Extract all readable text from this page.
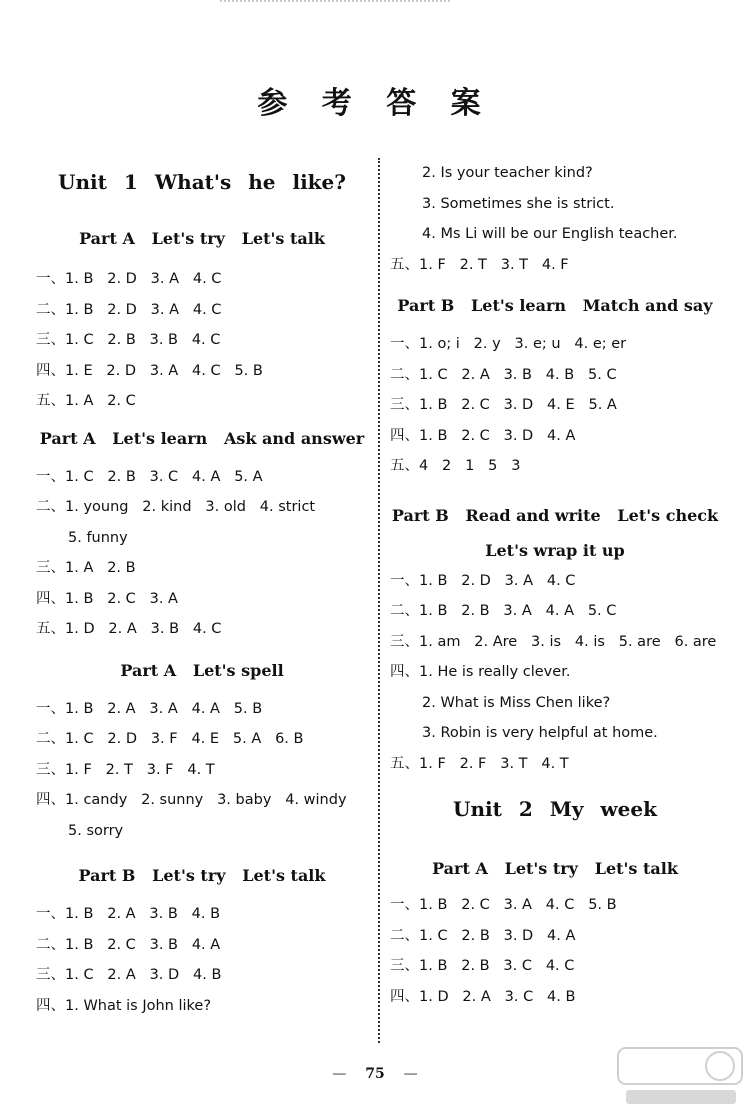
参 考 答 案
Unit 1 What's he like?
Part A   Let's try   Let's talk
一、1. B   2. D   3. A   4. C
二、1. B   2. D   3. A   4. C
三、1. C   2. B   3. B   4. C
四、1. E   2. D   3. A   4. C   5. B
五、1. A   2. C
Part A   Let's learn   Ask and answer
一、1. C   2. B   3. C   4. A   5. A
二、1. young   2. kind   3. old   4. strict
5. funny
三、1. A   2. B
四、1. B   2. C   3. A
五、1. D   2. A   3. B   4. C
Part A   Let's spell
一、1. B   2. A   3. A   4. A   5. B
二、1. C   2. D   3. F   4. E   5. A   6. B
三、1. F   2. T   3. F   4. T
四、1. candy   2. sunny   3. baby   4. windy
5. sorry
Part B   Let's try   Let's talk
一、1. B   2. A   3. B   4. B
二、1. B   2. C   3. B   4. A
三、1. C   2. A   3. D   4. B
四、1. What is John like?
2. Is your teacher kind?
3. Sometimes she is strict.
4. Ms Li will be our English teacher.
五、1. F   2. T   3. T   4. F
Part B   Let's learn   Match and say
一、1. o; i   2. y   3. e; u   4. e; er
二、1. C   2. A   3. B   4. B   5. C
三、1. B   2. C   3. D   4. E   5. A
四、1. B   2. C   3. D   4. A
五、4   2   1   5   3
Part B   Read and write   Let's check
Let's wrap it up
一、1. B   2. D   3. A   4. C
二、1. B   2. B   3. A   4. A   5. C
三、1. am   2. Are   3. is   4. is   5. are   6. are
四、1. He is really clever.
2. What is Miss Chen like?
3. Robin is very helpful at home.
五、1. F   2. F   3. T   4. T
Unit 2 My week
Part A   Let's try   Let's talk
一、1. B   2. C   3. A   4. C   5. B
二、1. C   2. B   3. D   4. A
三、1. B   2. B   3. C   4. C
四、1. D   2. A   3. C   4. B
— 75 —
